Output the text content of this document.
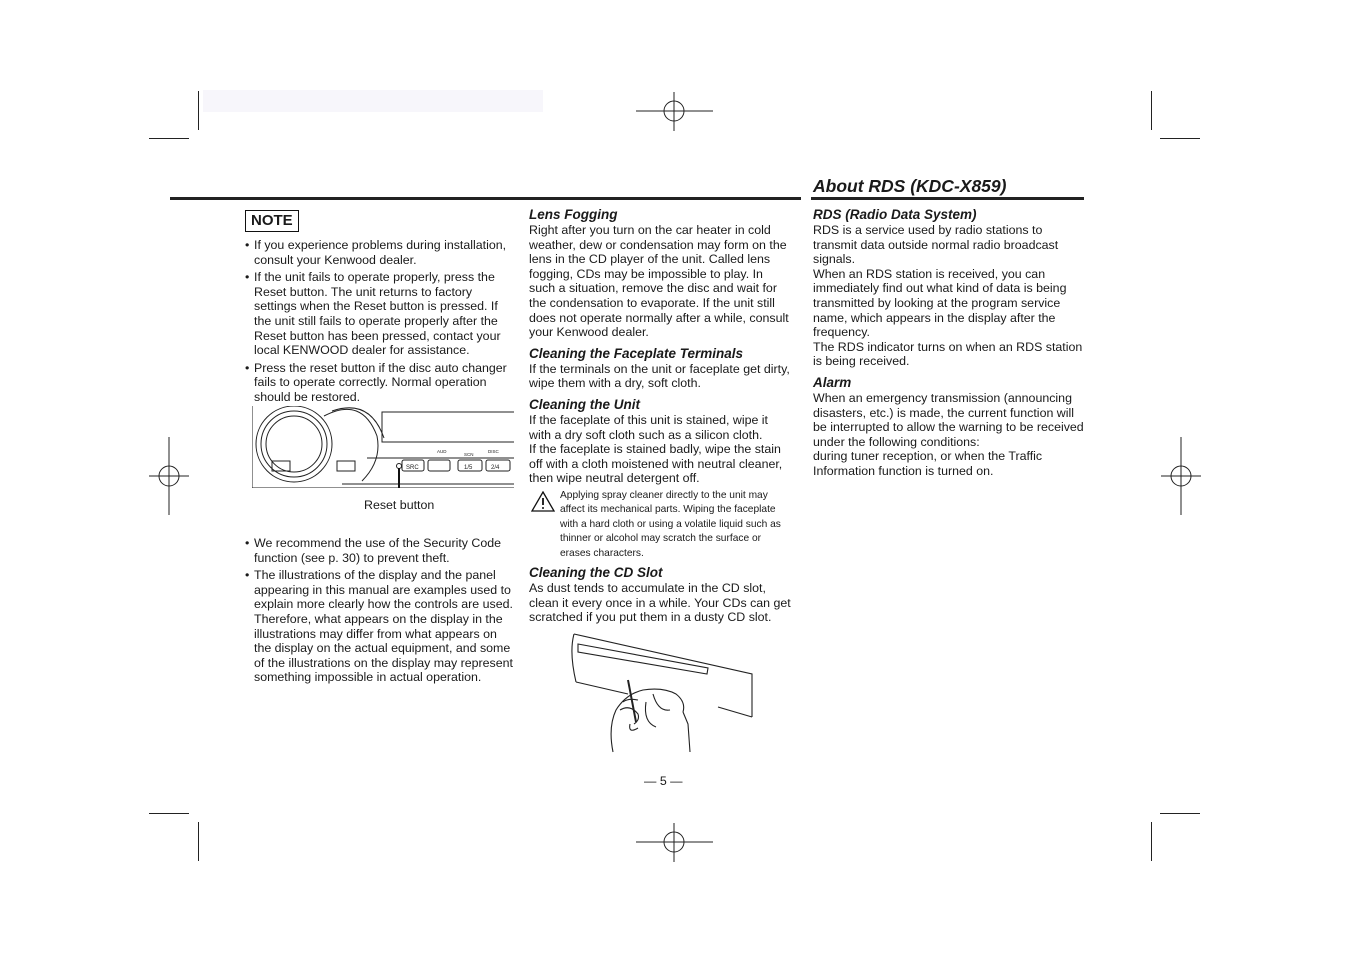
About RDS (KDC-X859)
NOTE

• If you experience problems during installation, consult your Kenwood dealer.

• If the unit fails to operate properly, press the Reset button. The unit returns to factory settings when the Reset button is pressed. If the unit still fails to operate properly after the Reset button has been pressed, contact your local KENWOOD dealer for assistance.

• Press the reset button if the disc auto changer fails to operate correctly. Normal operation should be restored.

SRC	1/5	2/4
SCN
AUD	DISC
Reset button

• We recommend the use of the Security Code function (see p. 30) to prevent theft.

• The illustrations of the display and the panel appearing in this manual are examples used to explain more clearly how the controls are used. Therefore, what appears on the display in the illustrations may differ from what appears on the display on the actual equipment, and some of the illustrations on the display may represent something impossible in actual operation.

Lens Fogging

Right after you turn on the car heater in cold weather, dew or condensation may form on the lens in the CD player of the unit. Called lens fogging, CDs may be impossible to play. In such a situation, remove the disc and wait for the condensation to evaporate. If the unit still does not operate normally after a while, consult your Kenwood dealer.

Cleaning the Faceplate Terminals

If the terminals on the unit or faceplate get dirty, wipe them with a dry, soft cloth.

Cleaning the Unit

If the faceplate of this unit is stained, wipe it with a dry soft cloth such as a silicon cloth.

If the faceplate is stained badly, wipe the stain off with a cloth moistened with neutral cleaner, then wipe neutral detergent off.

Applying spray cleaner directly to the unit may affect its mechanical parts. Wiping the faceplate with a hard cloth or using a volatile liquid such as thinner or alcohol may scratch the surface or erases characters.

Cleaning the CD Slot

As dust tends to accumulate in the CD slot, clean it every once in a while. Your CDs can get scratched if you put them in a dusty CD slot.

RDS (Radio Data System)

RDS is a service used by radio stations to transmit data outside normal radio broadcast signals.

When an RDS station is received, you can immediately find out what kind of data is being transmitted by looking at the program service name, which appears in the display after the frequency.

The RDS indicator turns on when an RDS station is being received.

Alarm

When an emergency transmission (announcing disasters, etc.) is made, the current function will be interrupted to allow the warning to be received under the following conditions:

during tuner reception, or when the Traffic Information function is turned on.

— 5 —
